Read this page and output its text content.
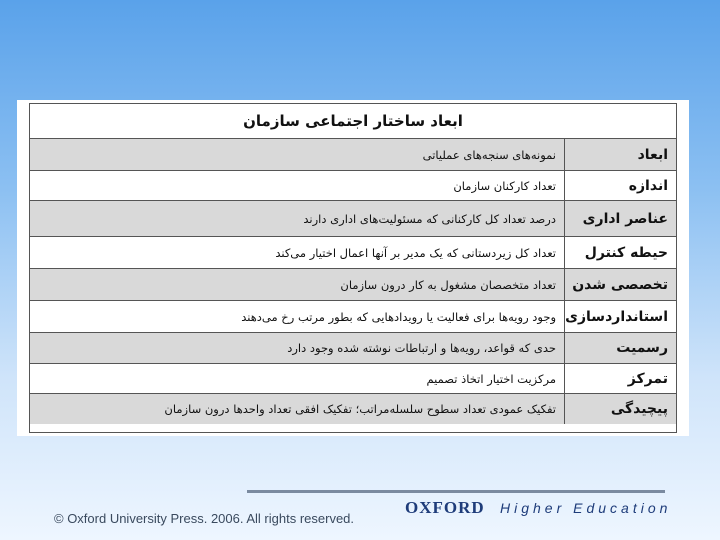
ابعاد ساختار اجتماعی سازمان
ابعاد
نمونه‌های سنجه‌های عملیاتی
اندازه
تعداد کارکنان سازمان
عناصر اداری
درصد تعداد کل کارکنانی که مسئولیت‌های اداری دارند
حیطه کنترل
تعداد کل زیردستانی که یک مدیر بر آنها اعمال اختیار می‌کند
تخصصی شدن
تعداد متخصصان مشغول به کار درون سازمان
استانداردسازی
وجود رویه‌ها برای فعالیت یا رویدادهایی که بطور مرتب رخ می‌دهند
رسمیت
حدی که قواعد، رویه‌ها و ارتباطات نوشته شده وجود دارد
تمرکز
مرکزیت اختیار اتخاذ تصمیم
پیچیدگی
تفکیک عمودی تعداد سطوح سلسله‌مراتب؛ تفکیک افقی تعداد واحدها درون سازمان
© Oxford University Press. 2006. All rights reserved.
OXFORD Higher Education
